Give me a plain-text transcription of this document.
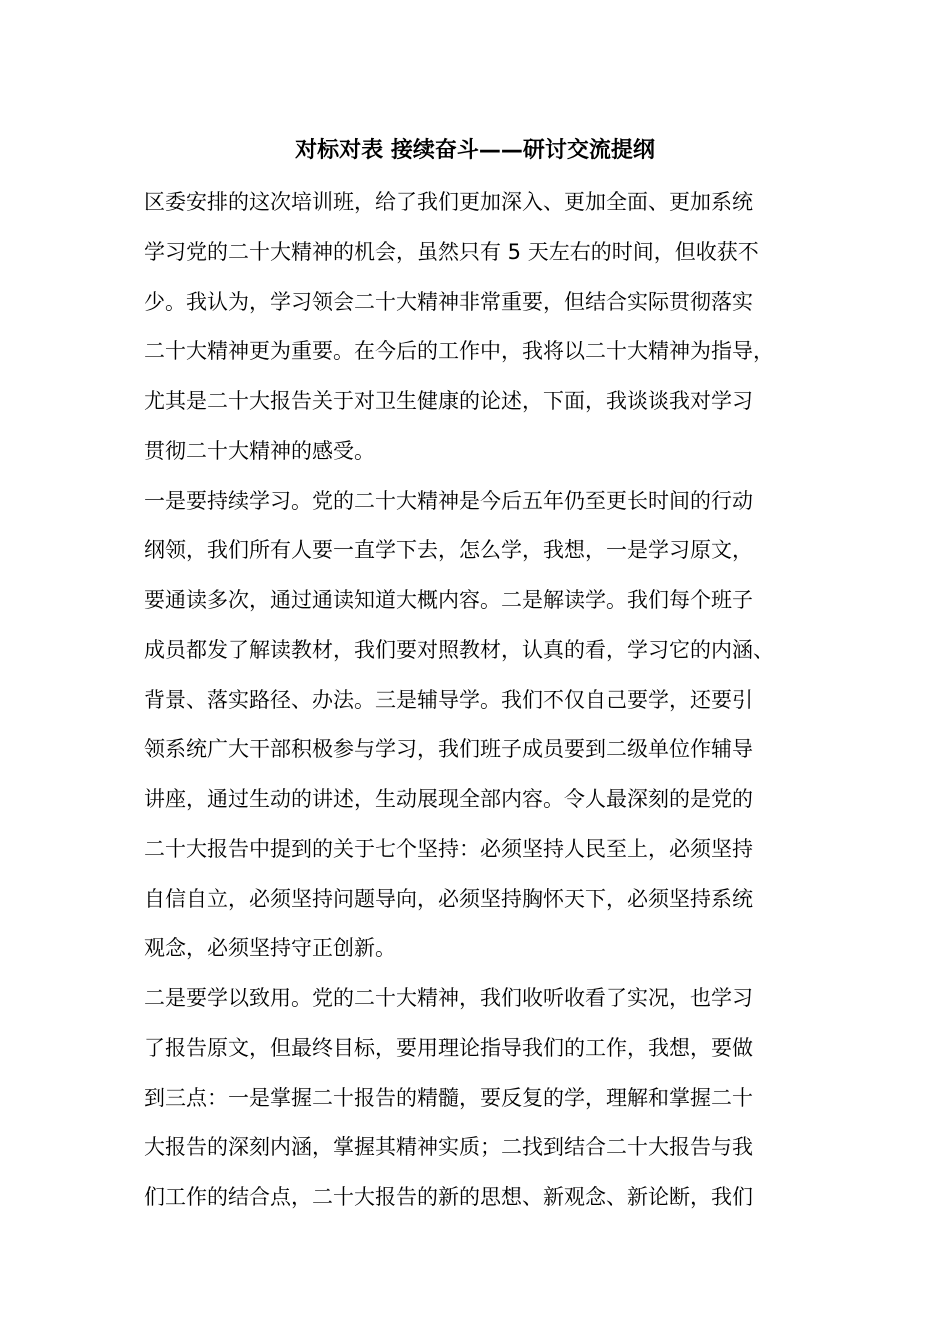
对标对表 接续奋斗——研讨交流提纲
区委安排的这次培训班，给了我们更加深入、更加全面、更加系统
学习党的二十大精神的机会，虽然只有 5 天左右的时间，但收获不
少。我认为，学习领会二十大精神非常重要，但结合实际贯彻落实
二十大精神更为重要。在今后的工作中，我将以二十大精神为指导，
尤其是二十大报告关于对卫生健康的论述，下面，我谈谈我对学习
贯彻二十大精神的感受。
一是要持续学习。党的二十大精神是今后五年仍至更长时间的行动
纲领，我们所有人要一直学下去，怎么学，我想，一是学习原文，
要通读多次，通过通读知道大概内容。二是解读学。我们每个班子
成员都发了解读教材，我们要对照教材，认真的看，学习它的内涵、
背景、落实路径、办法。三是辅导学。我们不仅自己要学，还要引
领系统广大干部积极参与学习，我们班子成员要到二级单位作辅导
讲座，通过生动的讲述，生动展现全部内容。令人最深刻的是党的
二十大报告中提到的关于七个坚持：必须坚持人民至上，必须坚持
自信自立，必须坚持问题导向，必须坚持胸怀天下，必须坚持系统
观念，必须坚持守正创新。
二是要学以致用。党的二十大精神，我们收听收看了实况，也学习
了报告原文，但最终目标，要用理论指导我们的工作，我想，要做
到三点：一是掌握二十报告的精髓，要反复的学，理解和掌握二十
大报告的深刻内涵，掌握其精神实质；二找到结合二十大报告与我
们工作的结合点，二十大报告的新的思想、新观念、新论断，我们
